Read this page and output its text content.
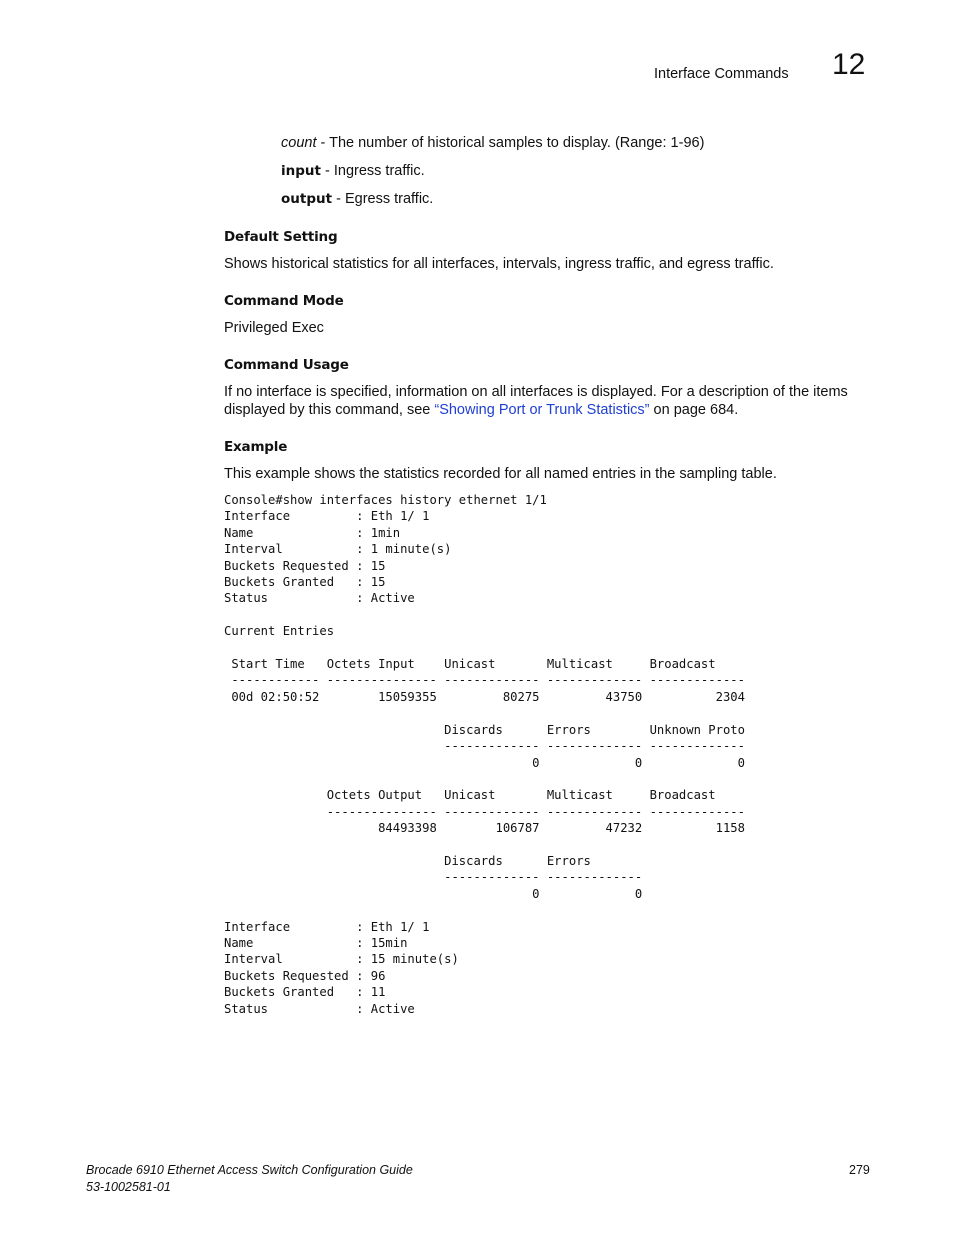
Interface Commands 12
count - The number of historical samples to display. (Range: 1-96)
input - Ingress traffic.
output - Egress traffic.
Default Setting
Shows historical statistics for all interfaces, intervals, ingress traffic, and egress traffic.
Command Mode
Privileged Exec
Command Usage
If no interface is specified, information on all interfaces is displayed. For a description of the items displayed by this command, see “Showing Port or Trunk Statistics” on page 684.
Example
This example shows the statistics recorded for all named entries in the sampling table.
Console#show interfaces history ethernet 1/1
Interface         : Eth 1/ 1
Name              : 1min
Interval          : 1 minute(s)
Buckets Requested : 15
Buckets Granted   : 15
Status            : Active

Current Entries

Start Time   Octets Input    Unicast       Multicast     Broadcast
------------ --------------- ------------- ------------- -------------
00d 02:50:52        15059355         80275         43750          2304

Discards      Errors        Unknown Proto
------------- ------------- -------------
0             0             0

Octets Output   Unicast       Multicast     Broadcast
--------------- ------------- ------------- -------------
84493398        106787         47232          1158

Discards      Errors
------------- -------------
0             0

Interface         : Eth 1/ 1
Name              : 15min
Interval          : 15 minute(s)
Buckets Requested : 96
Buckets Granted   : 11
Status            : Active
Brocade 6910 Ethernet Access Switch Configuration Guide
53-1002581-01
279
